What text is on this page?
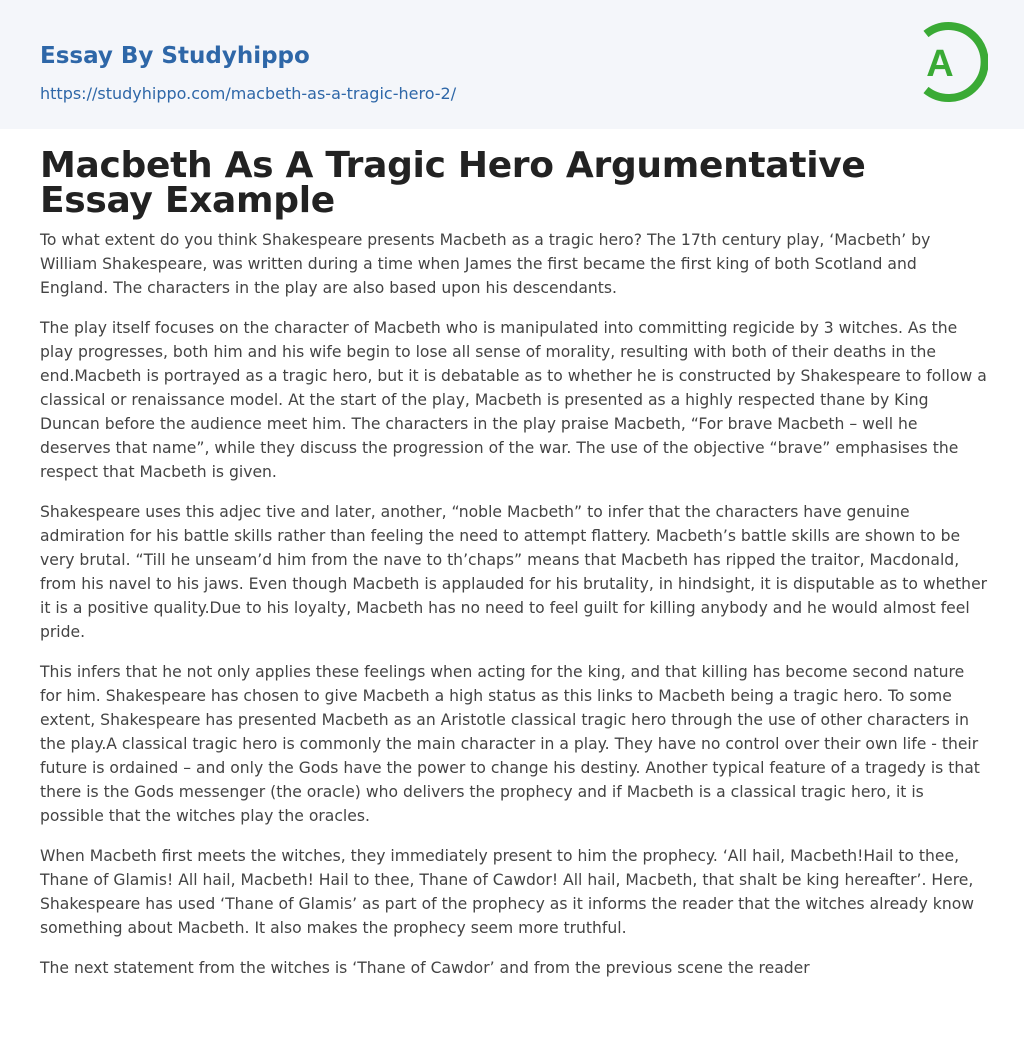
Essay By Studyhippo
https://studyhippo.com/macbeth-as-a-tragic-hero-2/
A
Macbeth As A Tragic Hero Argumentative Essay Example

To what extent do you think Shakespeare presents Macbeth as a tragic hero? The 17th century play, ‘Macbeth’ by William Shakespeare, was written during a time when James the first became the first king of both Scotland and England. The characters in the play are also based upon his descendants.

The play itself focuses on the character of Macbeth who is manipulated into committing regicide by 3 witches. As the play progresses, both him and his wife begin to lose all sense of morality, resulting with both of their deaths in the end.Macbeth is portrayed as a tragic hero, but it is debatable as to whether he is constructed by Shakespeare to follow a classical or renaissance model. At the start of the play, Macbeth is presented as a highly respected thane by King Duncan before the audience meet him. The characters in the play praise Macbeth, “For brave Macbeth – well he deserves that name”, while they discuss the progression of the war. The use of the objective “brave” emphasises the respect that Macbeth is given.

Shakespeare uses this adjec tive and later, another, “noble Macbeth” to infer that the characters have genuine admiration for his battle skills rather than feeling the need to attempt flattery. Macbeth’s battle skills are shown to be very brutal. “Till he unseam’d him from the nave to th’chaps” means that Macbeth has ripped the traitor, Macdonald, from his navel to his jaws. Even though Macbeth is applauded for his brutality, in hindsight, it is disputable as to whether it is a positive quality.Due to his loyalty, Macbeth has no need to feel guilt for killing anybody and he would almost feel pride.

This infers that he not only applies these feelings when acting for the king, and that killing has become second nature for him. Shakespeare has chosen to give Macbeth a high status as this links to Macbeth being a tragic hero. To some extent, Shakespeare has presented Macbeth as an Aristotle classical tragic hero through the use of other characters in the play.A classical tragic hero is commonly the main character in a play. They have no control over their own life - their future is ordained – and only the Gods have the power to change his destiny. Another typical feature of a tragedy is that there is the Gods messenger (the oracle) who delivers the prophecy and if Macbeth is a classical tragic hero, it is possible that the witches play the oracles.

When Macbeth first meets the witches, they immediately present to him the prophecy. ‘All hail, Macbeth!Hail to thee, Thane of Glamis! All hail, Macbeth! Hail to thee, Thane of Cawdor! All hail, Macbeth, that shalt be king hereafter’. Here, Shakespeare has used ‘Thane of Glamis’ as part of the prophecy as it informs the reader that the witches already know something about Macbeth. It also makes the prophecy seem more truthful.

The next statement from the witches is ‘Thane of Cawdor’ and from the previous scene the reader
